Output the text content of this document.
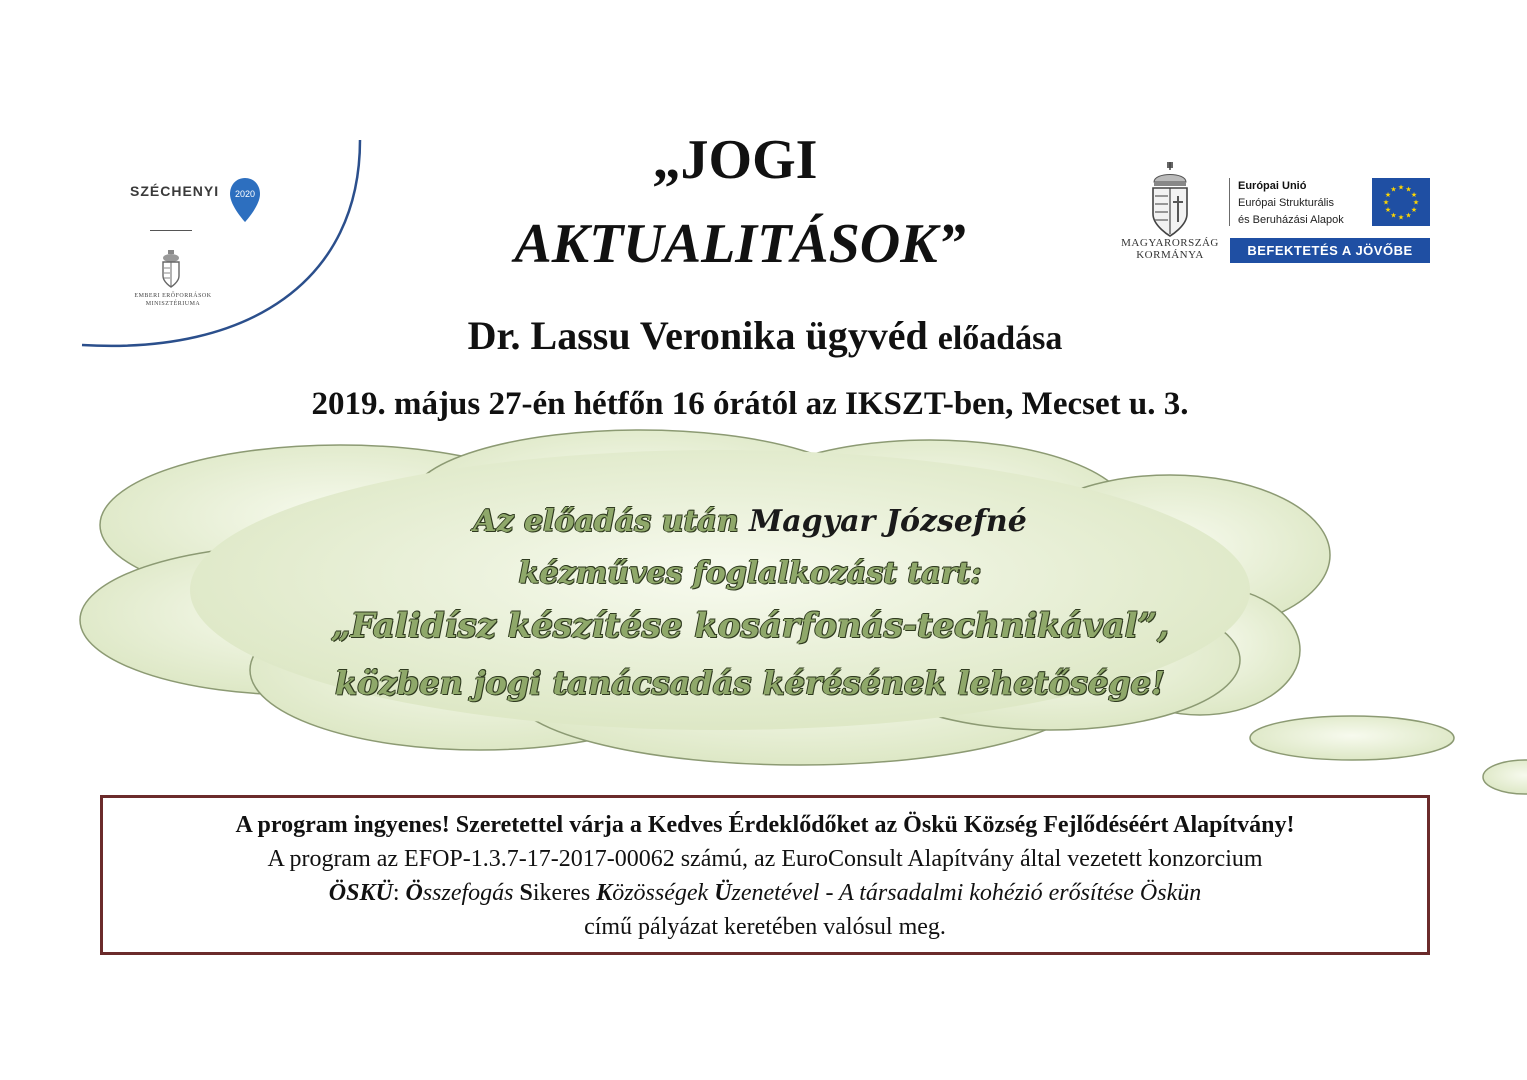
SZÉCHENYI 2020
EMBERI ERŐFORRÁSOK MINISZTÉRIUMA
„JOGI
AKTUALITÁSOK”
Dr. Lassu Veronika ügyvéd előadása
2019. május 27-én hétfőn 16 órától az IKSZT-ben, Mecset u. 3.
MAGYARORSZÁG
KORMÁNYA
Európai Unió
Európai Strukturális
és Beruházási Alapok
★
★
★
★
★
★
★
★
★ ★ ★
★
BEFEKTETÉS A JÖVŐBE
Az előadás után Magyar Józsefné
kézműves foglalkozást tart:
„Falidísz készítése kosárfonás-technikával”,
közben jogi tanácsadás kérésének lehetősége!
A program ingyenes! Szeretettel várja a Kedves Érdeklődőket az Öskü Község Fejlődéséért Alapítvány!
A program az EFOP-1.3.7-17-2017-00062 számú, az EuroConsult Alapítvány által vezetett konzorcium
ÖSKÜ: Összefogás Sikeres Közösségek Üzenetével - A társadalmi kohézió erősítése Öskün
című pályázat keretében valósul meg.
